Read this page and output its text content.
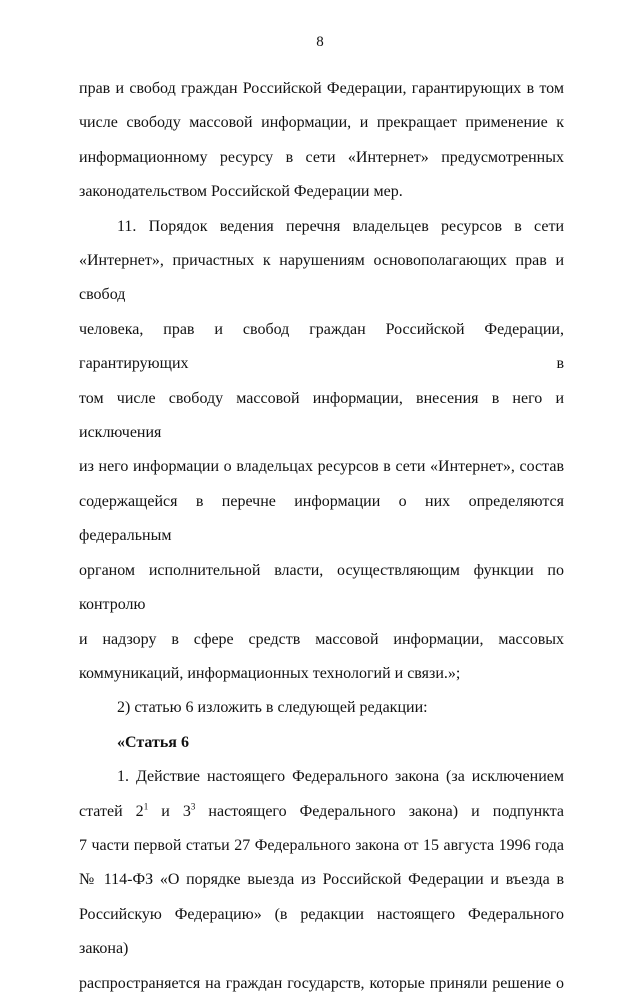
8

прав и свобод граждан Российской Федерации, гарантирующих в том
числе свободу массовой информации, и прекращает применение к
информационному ресурсу в сети «Интернет» предусмотренных
законодательством Российской Федерации мер.

11. Порядок ведения перечня владельцев ресурсов в сети
«Интернет», причастных к нарушениям основополагающих прав и свобод
человека, прав и свобод граждан Российской Федерации, гарантирующих в
том числе свободу массовой информации, внесения в него и исключения
из него информации о владельцах ресурсов в сети «Интернет», состав
содержащейся в перечне информации о них определяются федеральным
органом исполнительной власти, осуществляющим функции по контролю
и надзору в сфере средств массовой информации, массовых
коммуникаций, информационных технологий и связи.»;

2) статью 6 изложить в следующей редакции:

«Статья 6

1. Действие настоящего Федерального закона (за исключением
статей $2^1$ и $3^3$ настоящего Федерального закона) и подпункта
7 части первой статьи 27 Федерального закона от 15 августа 1996 года
№ 114-ФЗ «О порядке выезда из Российской Федерации и въезда в
Российскую Федерацию» (в редакции настоящего Федерального закона)
распространяется на граждан государств, которые приняли решение о
